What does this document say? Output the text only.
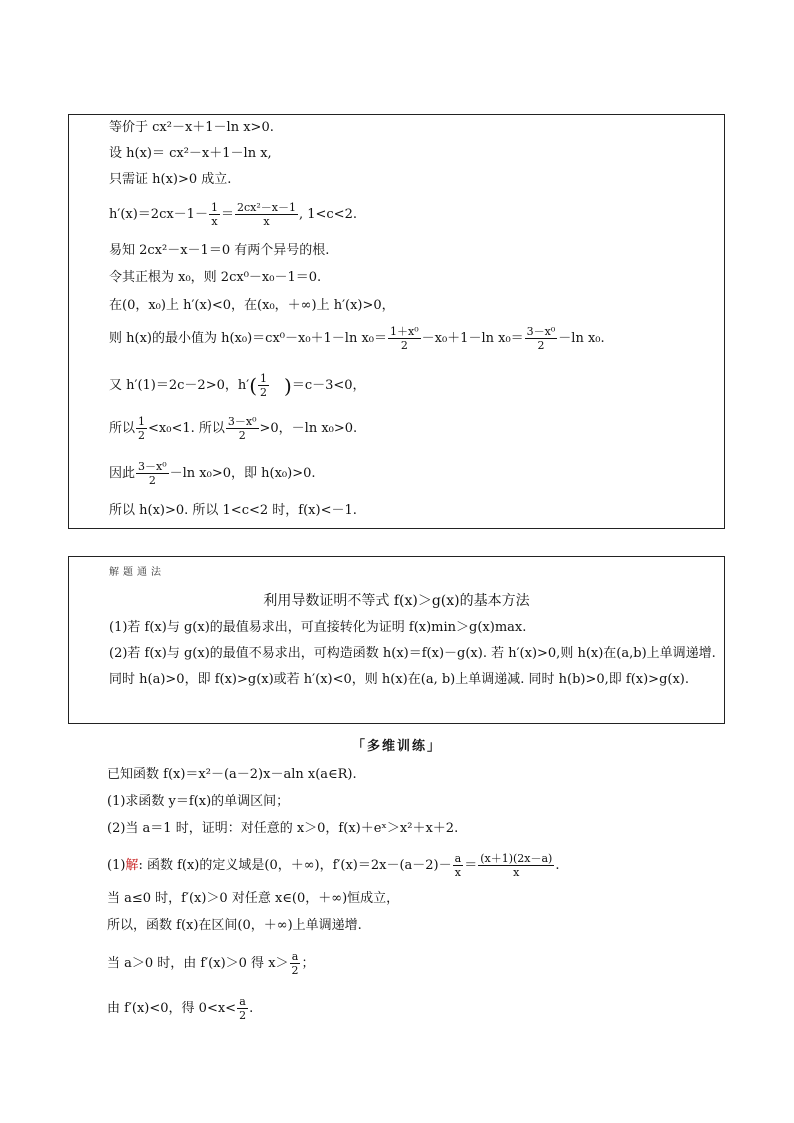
等价于 cx²－x＋1－ln x>0.
设 h(x)＝ cx²－x＋1－ln x,
只需证 h(x)>0 成立.
$h'(x)=2cx-1- \frac{1}{x} = \frac{\text{2cx²－x－1}}{x}$ , 1<c<2.
易知 2cx²－x－1＝0 有两个异号的根.
令其正根为 x₀，则 2cx⁰－x₀－1＝0.
在(0，x₀)上 h′(x)<0，在(x₀，＋∞)上 h′(x)>0，
则 h(x)的最小值为 h(x₀)＝cx⁰－x₀＋1－ln $x_0= \frac{\text{1＋x⁰}}{2} -x_0+1-\ln$ $x_0= \frac{\text{3－x⁰}}{2} -\ln$ x₀.
又 h′(1)＝2c－2>0，$h'( \frac{1}{2} )=c-3<0$，
所以 $\frac{1}{2} <x_0<1$. 所以 $\frac{\text{3－x⁰}}{2} >0$，－ln x₀>0.
因此 $\frac{\text{3－x⁰}}{2} -\ln$ x₀>0，即 h(x₀)>0.
所以 h(x)>0. 所以 1<c<2 时，f(x)<－1.
解题通法
利用导数证明不等式 f(x)＞g(x)的基本方法
(1)若 f(x)与 g(x)的最值易求出，可直接转化为证明 f(x)min＞g(x)max.
(2)若 f(x)与 g(x)的最值不易求出，可构造函数 h(x)＝f(x)－g(x). 若 h′(x)>0,则 h(x)在(a,b)上单调递增. 同时 h(a)>0，即 f(x)>g(x)或若 h′(x)<0，则 h(x)在(a, b)上单调递减. 同时 h(b)>0,即 f(x)>g(x).
「多维训练」
已知函数 f(x)＝x²－(a－2)x－aln x(a∈R).
(1)求函数 y＝f(x)的单调区间；
(2)当 a＝1 时，证明：对任意的 x＞0，f(x)＋eˣ＞x²＋x＋2.
(1)解: 函数 f(x)的定义域是(0，＋∞)，$f'(x)=2x-(a-2)- \frac{a}{x} = \frac{(x+1)(2x-a)}{x}$ .
当 a≤0 时，f′(x)＞0 对任意 x∈(0，＋∞)恒成立，
所以，函数 f(x)在区间(0，＋∞)上单调递增.
当 a＞0 时，由 f′(x)＞0 得 $x> \frac{a}{2}$ ；
由 f′(x)<0，得 $0<x< \frac{a}{2}$ .
